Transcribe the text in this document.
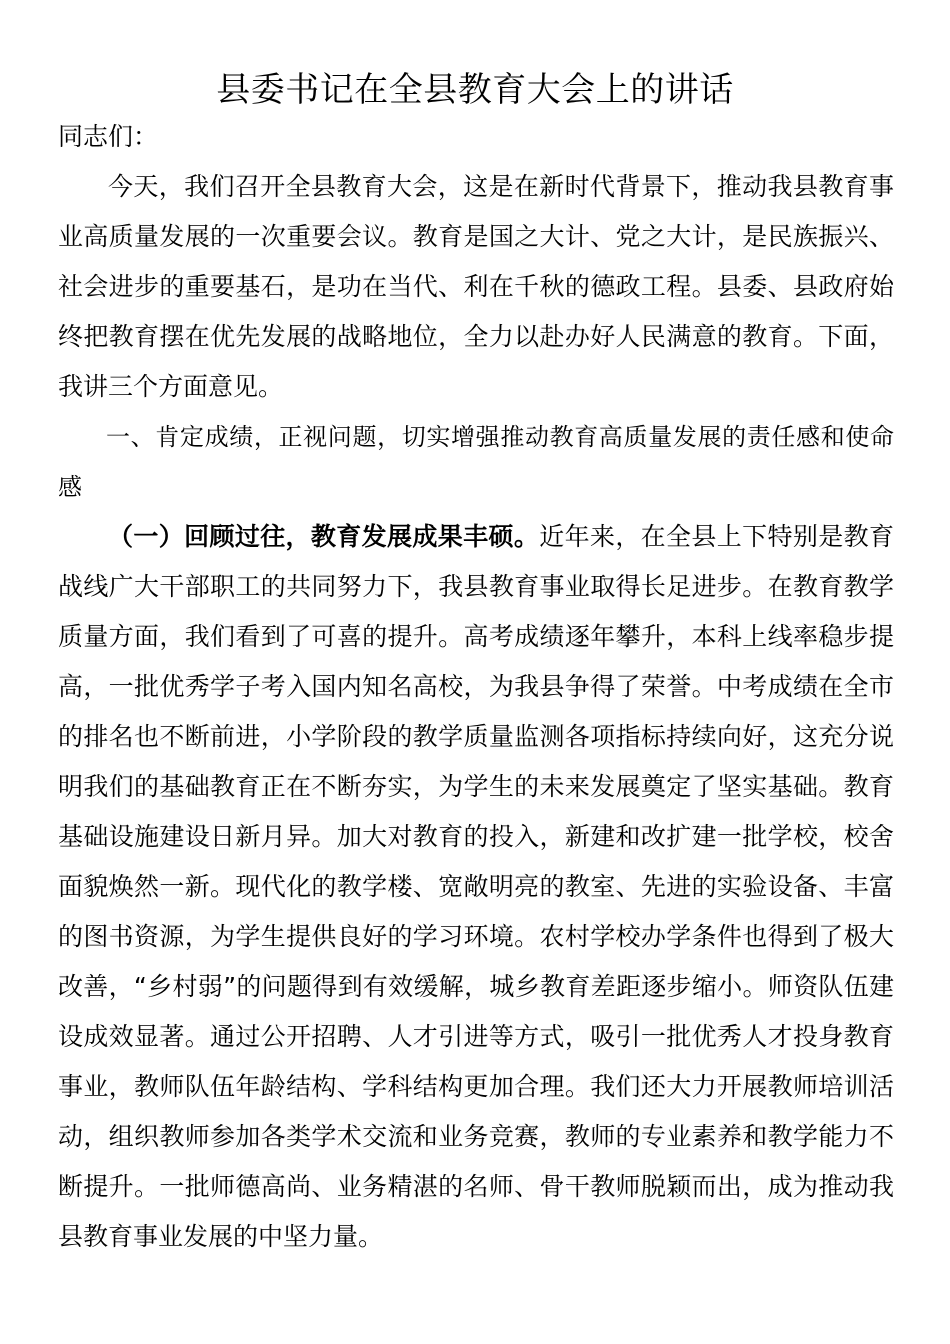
县委书记在全县教育大会上的讲话

同志们：

今天，我们召开全县教育大会，这是在新时代背景下，推动我县教育事业高质量发展的一次重要会议。教育是国之大计、党之大计，是民族振兴、社会进步的重要基石，是功在当代、利在千秋的德政工程。县委、县政府始终把教育摆在优先发展的战略地位，全力以赴办好人民满意的教育。下面，我讲三个方面意见。

一、肯定成绩，正视问题，切实增强推动教育高质量发展的责任感和使命感

（一）回顾过往，教育发展成果丰硕。近年来，在全县上下特别是教育战线广大干部职工的共同努力下，我县教育事业取得长足进步。在教育教学质量方面，我们看到了可喜的提升。高考成绩逐年攀升，本科上线率稳步提高，一批优秀学子考入国内知名高校，为我县争得了荣誉。中考成绩在全市的排名也不断前进，小学阶段的教学质量监测各项指标持续向好，这充分说明我们的基础教育正在不断夯实，为学生的未来发展奠定了坚实基础。教育基础设施建设日新月异。加大对教育的投入，新建和改扩建一批学校，校舍面貌焕然一新。现代化的教学楼、宽敞明亮的教室、先进的实验设备、丰富的图书资源，为学生提供良好的学习环境。农村学校办学条件也得到了极大改善，“乡村弱”的问题得到有效缓解，城乡教育差距逐步缩小。师资队伍建设成效显著。通过公开招聘、人才引进等方式，吸引一批优秀人才投身教育事业，教师队伍年龄结构、学科结构更加合理。我们还大力开展教师培训活动，组织教师参加各类学术交流和业务竞赛，教师的专业素养和教学能力不断提升。一批师德高尚、业务精湛的名师、骨干教师脱颖而出，成为推动我县教育事业发展的中坚力量。
